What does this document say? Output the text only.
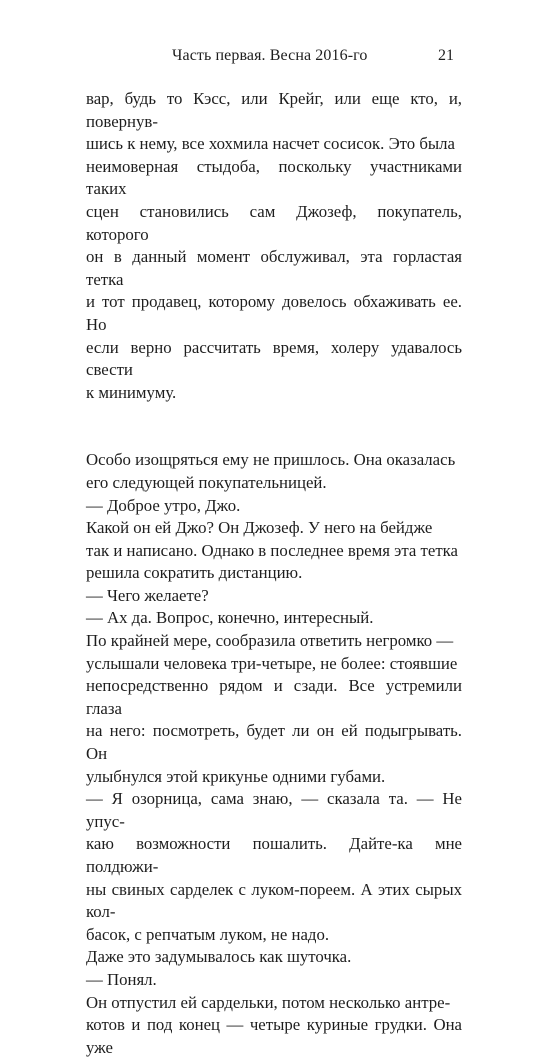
Часть первая. Весна 2016-го	21

вар, будь то Кэсс, или Крейг, или еще кто, и, повернув-

шись к нему, все хохмила насчет сосисок. Это была

неимоверная стыдоба, поскольку участниками таких

сцен становились сам Джозеф, покупатель, которого

он в данный момент обслуживал, эта горластая тетка

и тот продавец, которому довелось обхаживать ее. Но

если верно рассчитать время, холеру удавалось свести

к минимуму.

Особо изощряться ему не пришлось. Она оказалась

его следующей покупательницей.

— Доброе утро, Джо.

Какой он ей Джо? Он Джозеф. У него на бейдже

так и написано. Однако в последнее время эта тетка

решила сократить дистанцию.

— Чего желаете?

— Ах да. Вопрос, конечно, интересный.

По крайней мере, сообразила ответить негромко —

услышали человека три-четыре, не более: стоявшие

непосредственно рядом и сзади. Все устремили глаза

на него: посмотреть, будет ли он ей подыгрывать. Он

улыбнулся этой крикунье одними губами.

— Я озорница, сама знаю, — сказала та. — Не упус-

каю возможности пошалить. Дайте-ка мне полдюжи-

ны свиных сарделек с луком-пореем. А этих сырых кол-

басок, с репчатым луком, не надо.

Даже это задумывалось как шуточка.

— Понял.

Он отпустил ей сардельки, потом несколько антре-

котов и под конец — четыре куриные грудки. Она уже
